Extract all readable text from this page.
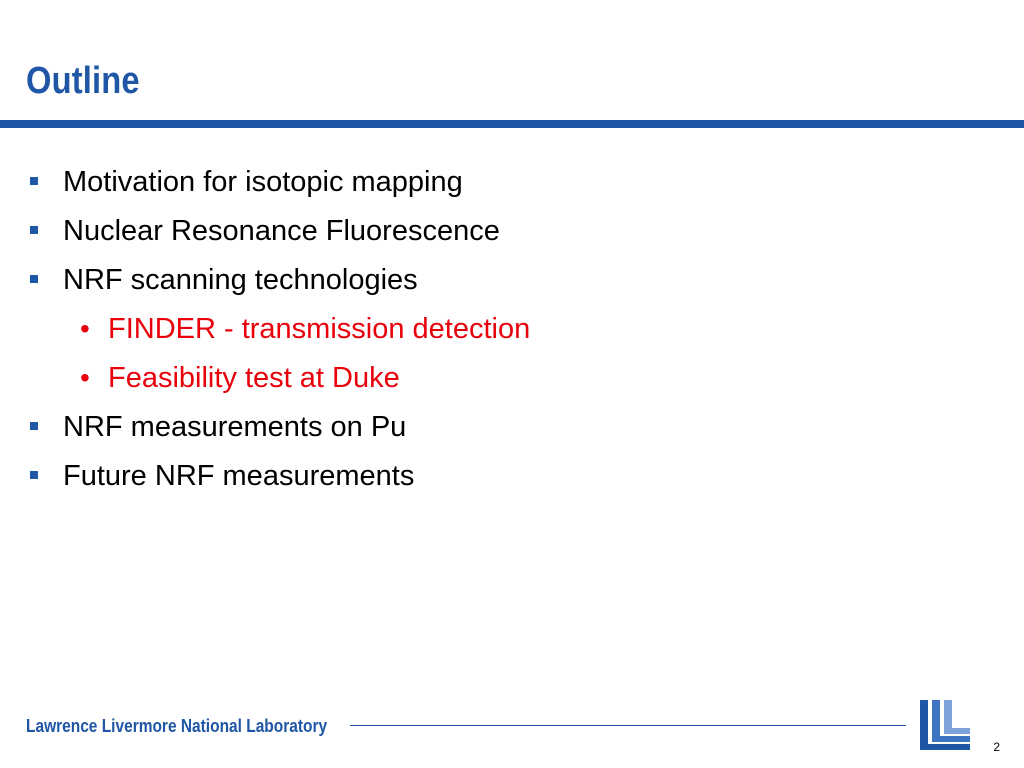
Outline
Motivation for isotopic mapping
Nuclear Resonance Fluorescence
NRF scanning technologies
• FINDER - transmission detection
• Feasibility test at Duke
NRF measurements on Pu
Future NRF measurements
Lawrence Livermore National Laboratory
2
